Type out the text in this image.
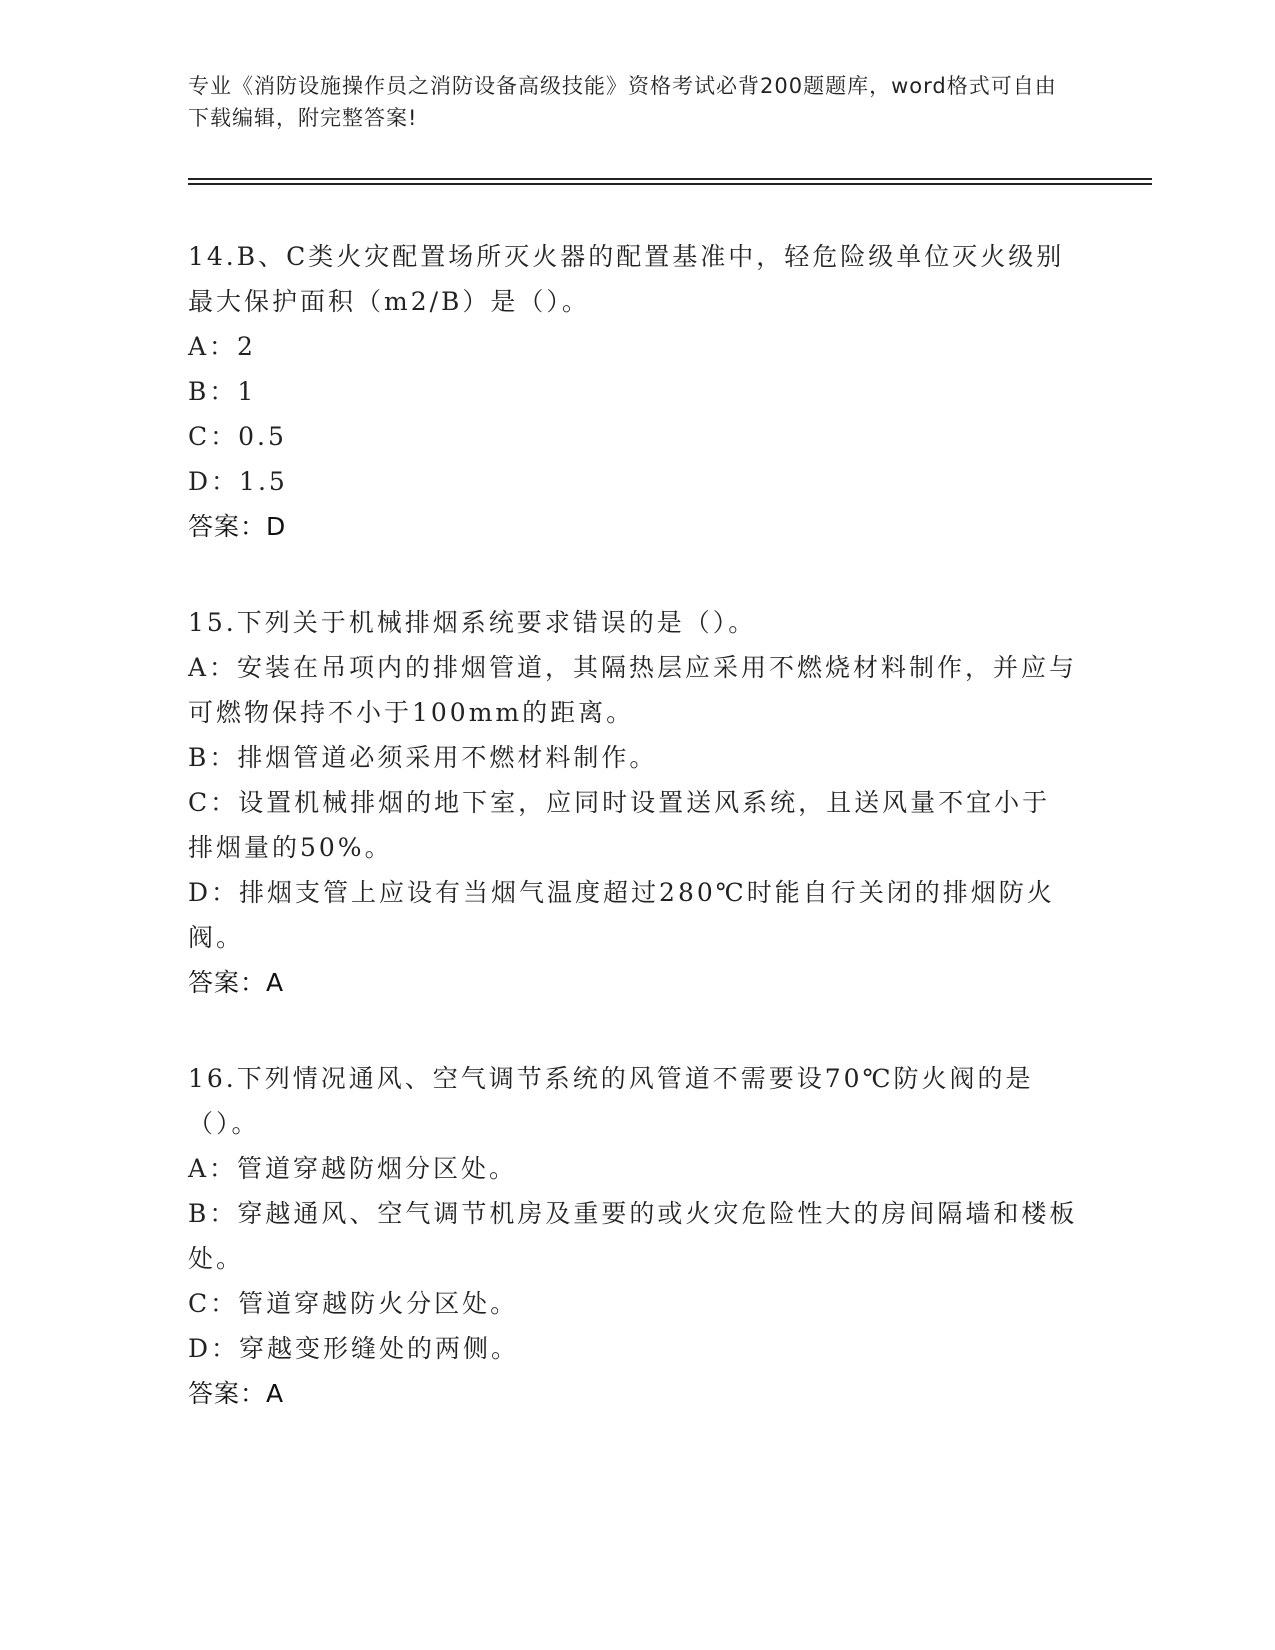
专业《消防设施操作员之消防设备高级技能》资格考试必背200题题库，word格式可自由下载编辑，附完整答案!
14.B、C类火灾配置场所灭火器的配置基准中，轻危险级单位灭火级别最大保护面积（m2/B）是（）。
A：2
B：1
C：0.5
D：1.5
答案：D
15.下列关于机械排烟系统要求错误的是（）。
A：安装在吊项内的排烟管道，其隔热层应采用不燃烧材料制作，并应与可燃物保持不小于100mm的距离。
B：排烟管道必须采用不燃材料制作。
C：设置机械排烟的地下室，应同时设置送风系统，且送风量不宜小于排烟量的50%。
D：排烟支管上应设有当烟气温度超过280℃时能自行关闭的排烟防火阀。
答案：A
16.下列情况通风、空气调节系统的风管道不需要设70℃防火阀的是（）。
A：管道穿越防烟分区处。
B：穿越通风、空气调节机房及重要的或火灾危险性大的房间隔墙和楼板处。
C：管道穿越防火分区处。
D：穿越变形缝处的两侧。
答案：A
